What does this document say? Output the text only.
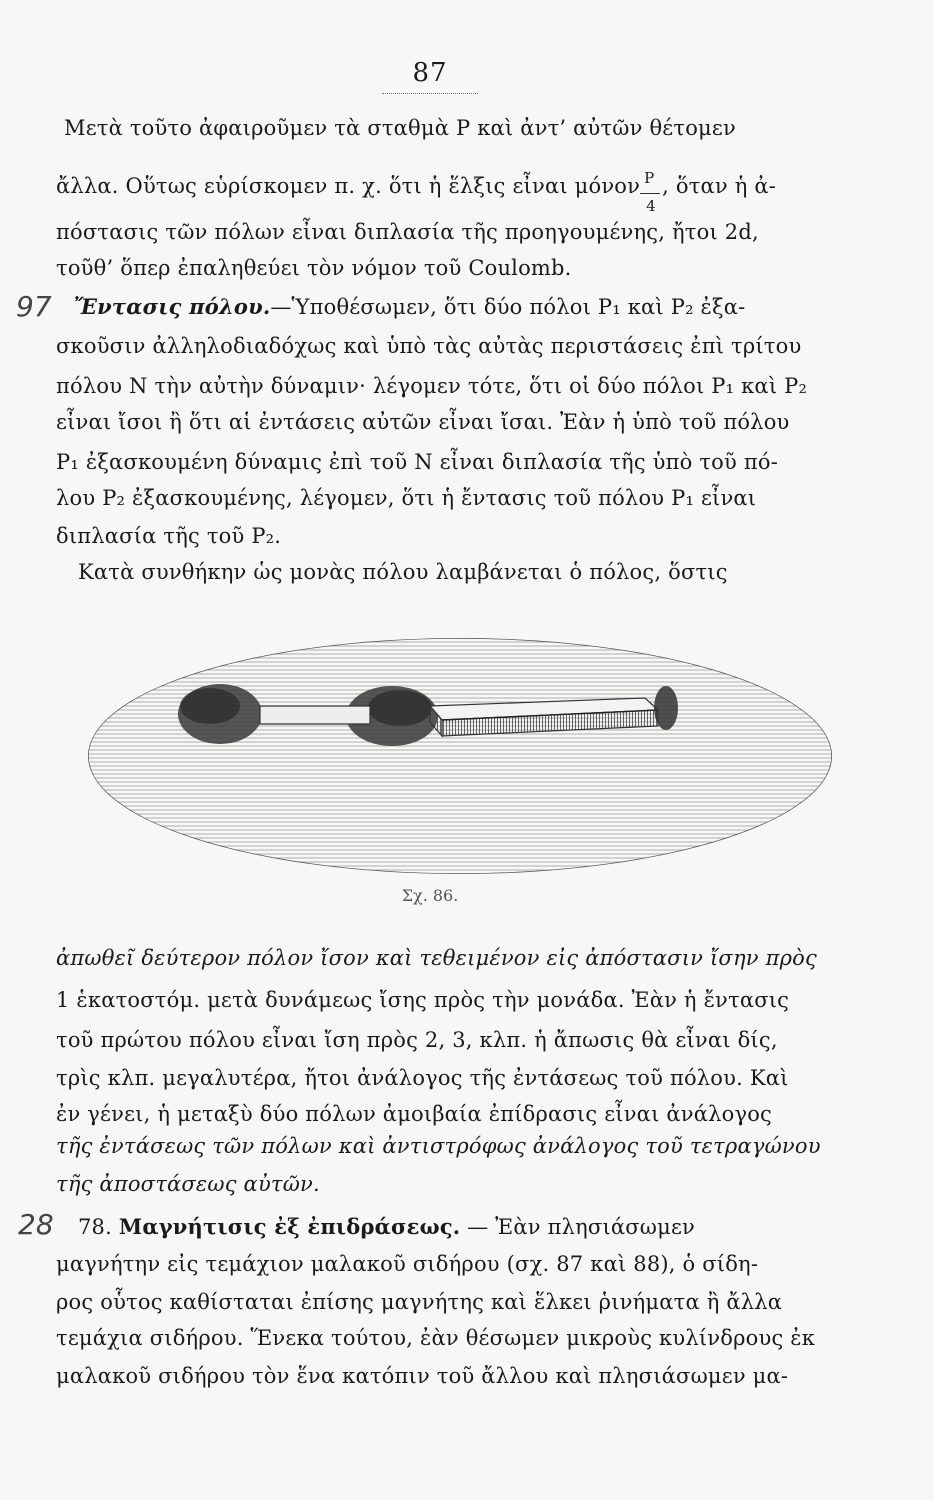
87
Μετὰ τοῦτο ἀφαιροῦμεν τὰ σταθμὰ P καὶ ἀντ’ αὐτῶν θέτομεν
ἄλλα. Οὕτως εὑρίσκομεν π. χ. ὅτι ἡ ἕλξις εἶναι μόνον
$\frac{P}{4}$
, ὅταν ἡ ἀ-
πόστασις τῶν πόλων εἶναι διπλασία τῆς προηγουμένης, ἤτοι 2d,
τοῦθ’ ὅπερ ἐπαληθεύει τὸν νόμον τοῦ Coulomb.
97 Ἔντασις πόλου.—Ὑποθέσωμεν, ὅτι δύο πόλοι P₁ καὶ P₂ ἐξα-
σκοῦσιν ἀλληλοδιαδόχως καὶ ὑπὸ τὰς αὐτὰς περιστάσεις ἐπὶ τρίτου
πόλου N τὴν αὐτὴν δύναμιν· λέγομεν τότε, ὅτι οἱ δύο πόλοι P₁ καὶ P₂
εἶναι ἴσοι ἢ ὅτι αἱ ἐντάσεις αὐτῶν εἶναι ἴσαι. Ἐὰν ἡ ὑπὸ τοῦ πόλου
P₁ ἐξασκουμένη δύναμις ἐπὶ τοῦ N εἶναι διπλασία τῆς ὑπὸ τοῦ πό-
λου P₂ ἐξασκουμένης, λέγομεν, ὅτι ἡ ἔντασις τοῦ πόλου P₁ εἶναι
διπλασία τῆς τοῦ P₂.
Κατὰ συνθήκην ὡς μονὰς πόλου λαμβάνεται ὁ πόλος, ὅστις
Σχ. 86.
ἀπωθεῖ δεύτερον πόλον ἴσον καὶ τεθειμένον εἰς ἀπόστασιν ἴσην πρὸς
1 ἑκατοστόμ. μετὰ δυνάμεως ἴσης πρὸς τὴν μονάδα. Ἐὰν ἡ ἔντασις
τοῦ πρώτου πόλου εἶναι ἴση πρὸς 2, 3, κλπ. ἡ ἄπωσις θὰ εἶναι δίς,
τρὶς κλπ. μεγαλυτέρα, ἤτοι ἀνάλογος τῆς ἐντάσεως τοῦ πόλου. Καὶ
ἐν γένει, ἡ μεταξὺ δύο πόλων ἀμοιβαία ἐπίδρασις εἶναι ἀνάλογος
τῆς ἐντάσεως τῶν πόλων καὶ ἀντιστρόφως ἀνάλογος τοῦ τετραγώνου
τῆς ἀποστάσεως αὐτῶν.
28 78. Μαγνήτισις ἐξ ἐπιδράσεως. — Ἐὰν πλησιάσωμεν
μαγνήτην εἰς τεμάχιον μαλακοῦ σιδήρου (σχ. 87 καὶ 88), ὁ σίδη-
ρος οὗτος καθίσταται ἐπίσης μαγνήτης καὶ ἕλκει ῥινήματα ἢ ἄλλα
τεμάχια σιδήρου. Ἕνεκα τούτου, ἐὰν θέσωμεν μικροὺς κυλίνδρους ἐκ
μαλακοῦ σιδήρου τὸν ἕνα κατόπιν τοῦ ἄλλου καὶ πλησιάσωμεν μα-
